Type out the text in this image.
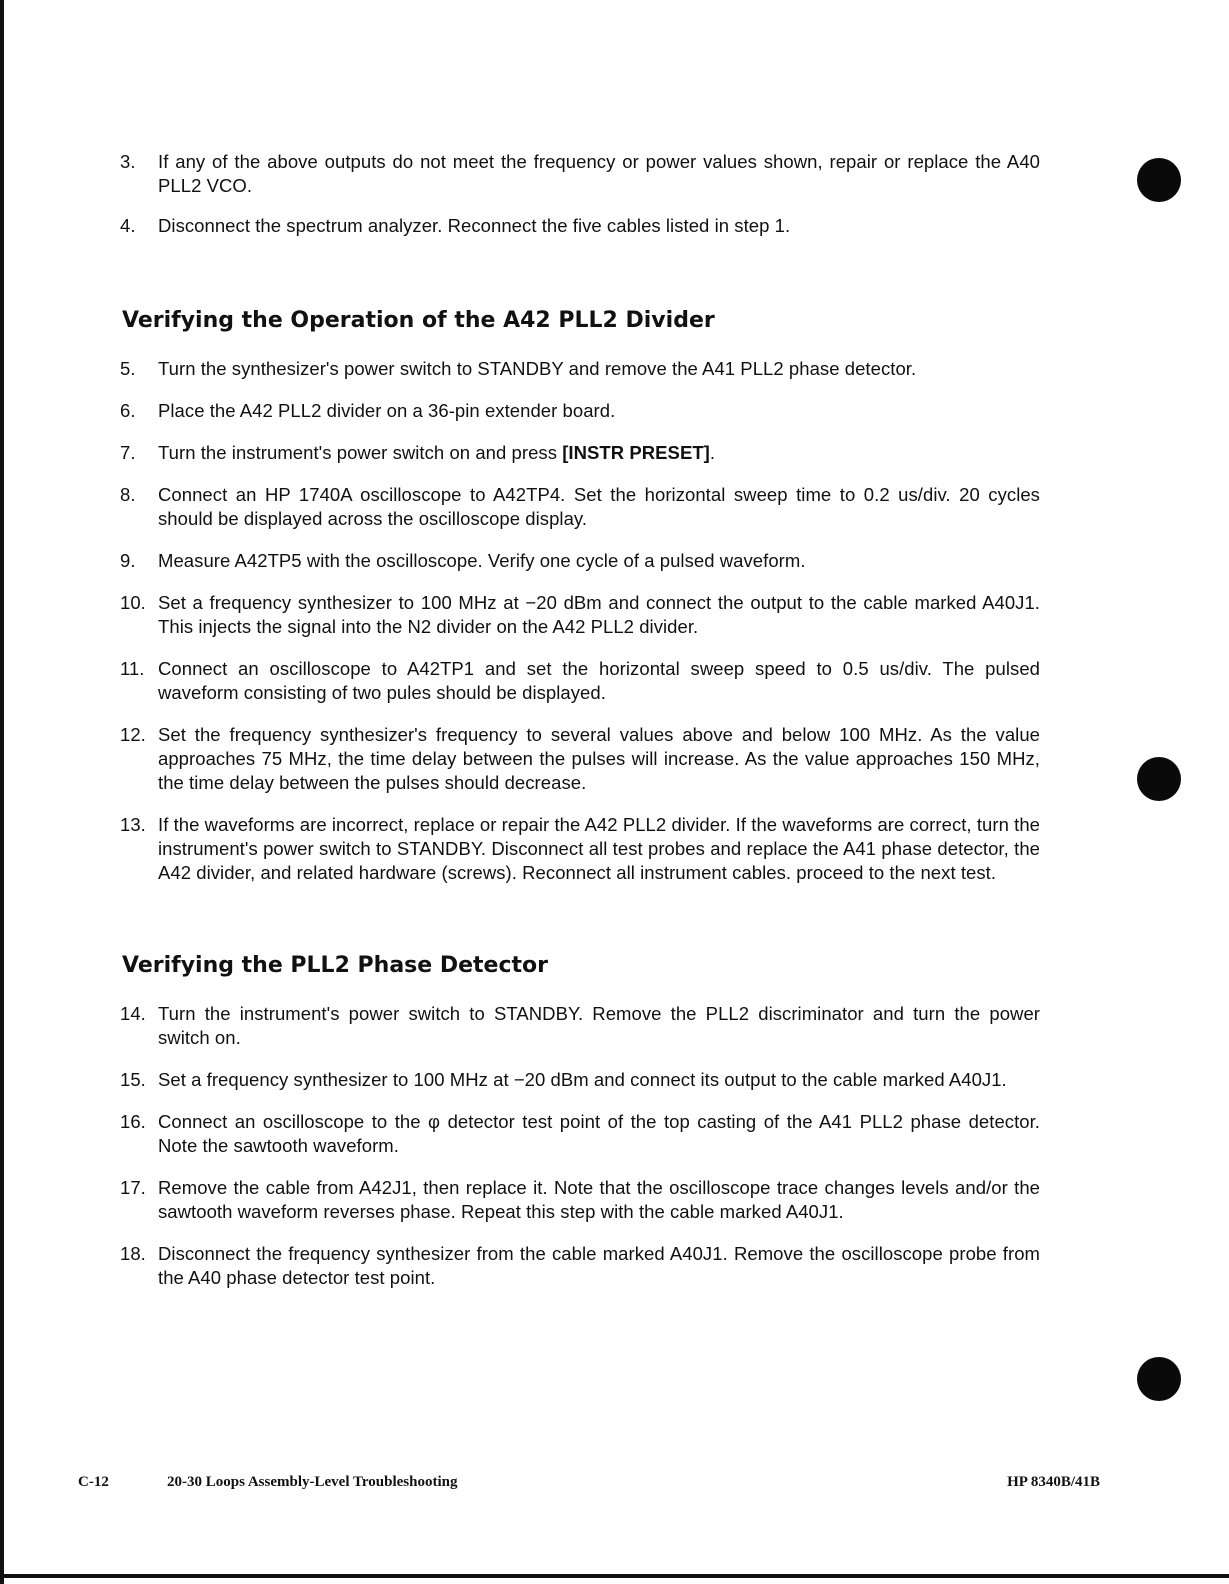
3.	If any of the above outputs do not meet the frequency or power values shown, repair or replace the A40 PLL2 VCO.
4.	Disconnect the spectrum analyzer. Reconnect the five cables listed in step 1.
Verifying the Operation of the A42 PLL2 Divider
5.	Turn the synthesizer's power switch to STANDBY and remove the A41 PLL2 phase detector.
6.	Place the A42 PLL2 divider on a 36-pin extender board.
7.	Turn the instrument's power switch on and press [INSTR PRESET].
8.	Connect an HP 1740A oscilloscope to A42TP4. Set the horizontal sweep time to 0.2 us/div. 20 cycles should be displayed across the oscilloscope display.
9.	Measure A42TP5 with the oscilloscope. Verify one cycle of a pulsed waveform.
10. Set a frequency synthesizer to 100 MHz at −20 dBm and connect the output to the cable marked A40J1. This injects the signal into the N2 divider on the A42 PLL2 divider.
11. Connect an oscilloscope to A42TP1 and set the horizontal sweep speed to 0.5 us/div. The pulsed waveform consisting of two pules should be displayed.
12. Set the frequency synthesizer's frequency to several values above and below 100 MHz. As the value approaches 75 MHz, the time delay between the pulses will increase. As the value approaches 150 MHz, the time delay between the pulses should decrease.
13. If the waveforms are incorrect, replace or repair the A42 PLL2 divider. If the waveforms are correct, turn the instrument's power switch to STANDBY. Disconnect all test probes and replace the A41 phase detector, the A42 divider, and related hardware (screws). Reconnect all instrument cables. proceed to the next test.
Verifying the PLL2 Phase Detector
14. Turn the instrument's power switch to STANDBY. Remove the PLL2 discriminator and turn the power switch on.
15. Set a frequency synthesizer to 100 MHz at −20 dBm and connect its output to the cable marked A40J1.
16. Connect an oscilloscope to the φ detector test point of the top casting of the A41 PLL2 phase detector. Note the sawtooth waveform.
17. Remove the cable from A42J1, then replace it. Note that the oscilloscope trace changes levels and/or the sawtooth waveform reverses phase. Repeat this step with the cable marked A40J1.
18. Disconnect the frequency synthesizer from the cable marked A40J1. Remove the oscilloscope probe from the A40 phase detector test point.
C-12	20-30 Loops Assembly-Level Troubleshooting	HP 8340B/41B
